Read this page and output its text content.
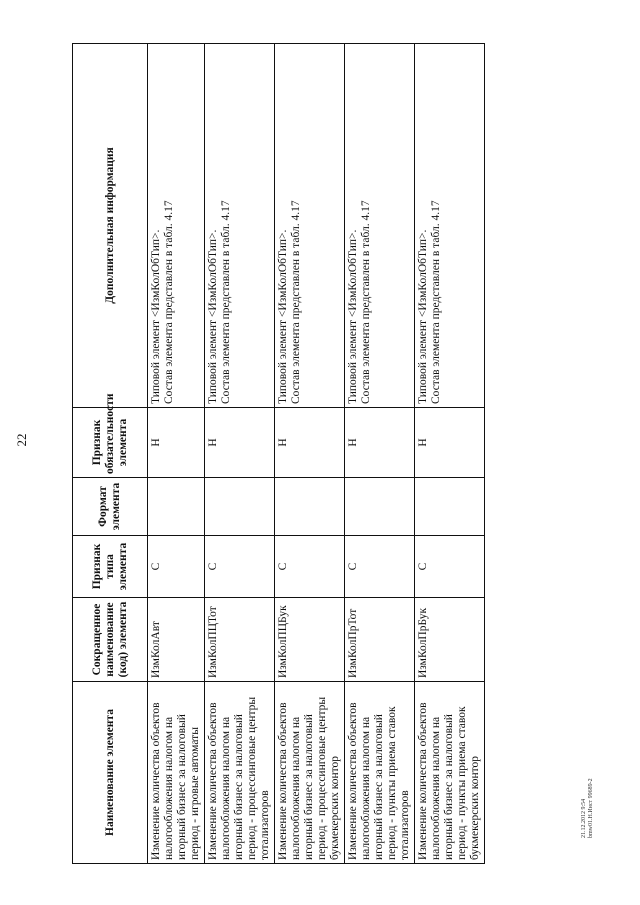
22
Наименование элемента	Сокращенное наименование (код) элемента	Признак типа элемента	Формат элемента	Признак обязательности элемента	Дополнительная информация
Изменение количества объектов налогообложения налогом на игорный бизнес за налоговый период - игровые автоматы	ИзмКолАвт	С		Н	Типовой элемент <ИзмКолОбТип>. Состав элемента представлен в табл. 4.17

Изменение количества объектов налогообложения налогом на игорный бизнес за налоговый период - процессинговые центры тотализаторов	ИзмКолПЦТот	С		Н	Типовой элемент <ИзмКолОбТип>. Состав элемента представлен в табл. 4.17

Изменение количества объектов налогообложения налогом на игорный бизнес за налоговый период - процессинговые центры букмекерских контор	ИзмКолПЦБук	С		Н	Типовой элемент <ИзмКолОбТип>. Состав элемента представлен в табл. 4.17

Изменение количества объектов налогообложения налогом на игорный бизнес за налоговый период - пункты приема ставок тотализаторов	ИзмКолПрТот	С		Н	Типовой элемент <ИзмКолОбТип>. Состав элемента представлен в табл. 4.17

Изменение количества объектов налогообложения налогом на игорный бизнес за налоговый период - пункты приема ставок букмекерских контор	ИзмКолПрБук	С		Н	Типовой элемент <ИзмКолОбТип>. Состав элемента представлен в табл. 4.17
21.12.2012 9:54 bmw01.H.Инст 99689-2
